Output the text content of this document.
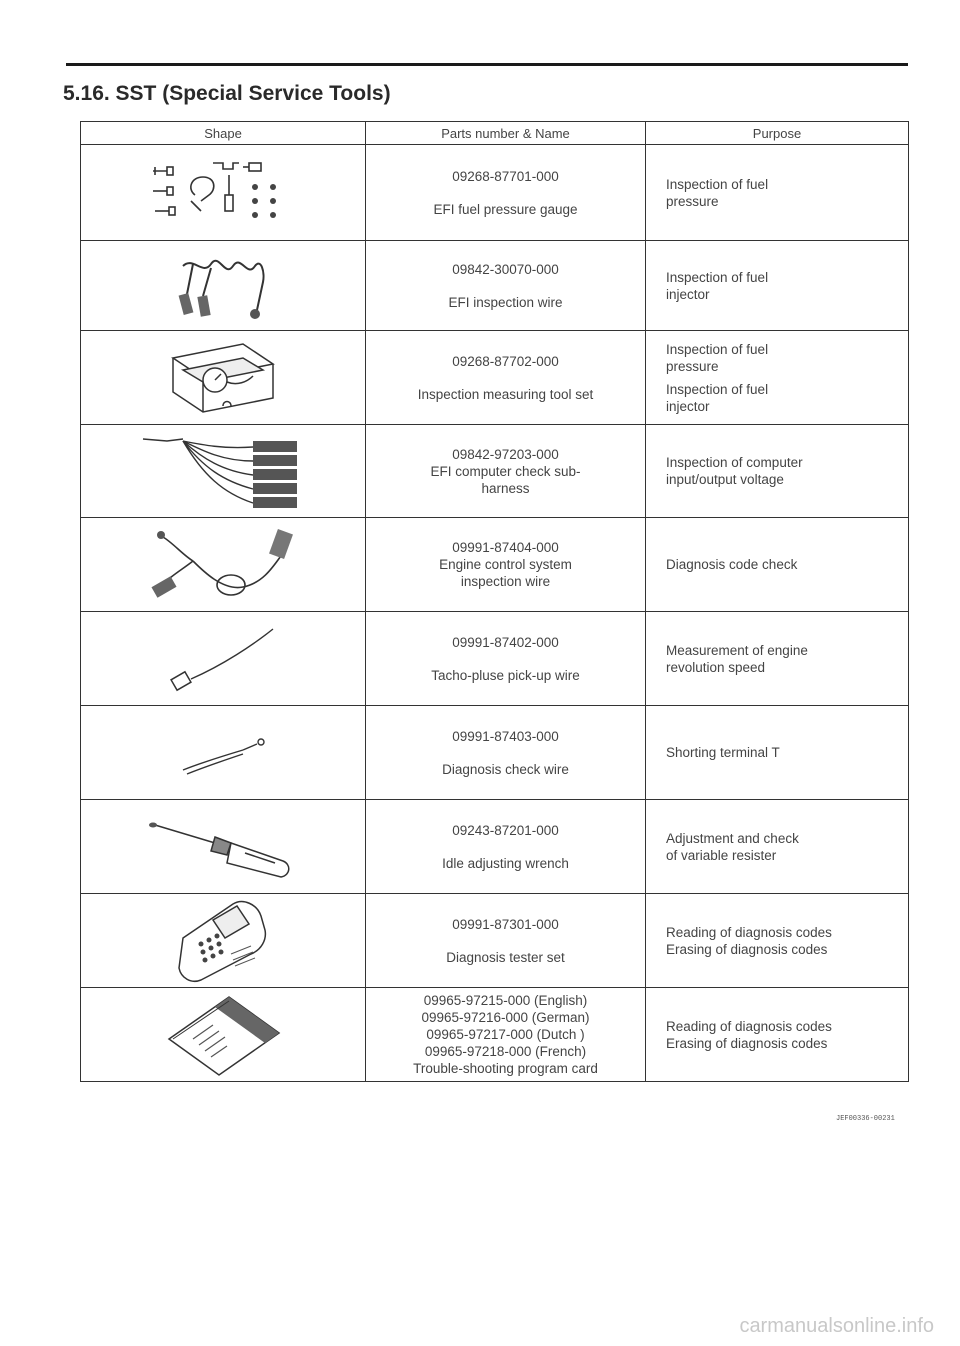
5.16. SST (Special Service Tools)
Shape	Parts number & Name	Purpose

09268-87701-000
EFI fuel pressure gauge	Inspection of fuel
pressure

09842-30070-000
EFI inspection wire	Inspection of fuel
injector

09268-87702-000
Inspection measuring tool set	Inspection of fuel
pressure
Inspection of fuel
injector

09842-97203-000
EFI computer check sub-
harness	Inspection of computer
input/output voltage

09991-87404-000
Engine control system
inspection wire	Diagnosis code check

09991-87402-000
Tacho-pluse pick-up wire	Measurement of engine
revolution speed

09991-87403-000
Diagnosis check wire	Shorting terminal T

09243-87201-000
Idle adjusting wrench	Adjustment and check
of variable resister

09991-87301-000
Diagnosis tester set	Reading of diagnosis codes
Erasing of diagnosis codes

09965-97215-000 (English)
09965-97216-000 (German)
09965-97217-000 (Dutch )
09965-97218-000 (French)
Trouble-shooting program card	Reading of diagnosis codes
Erasing of diagnosis codes
JEF00336-00231
carmanualsonline.info
